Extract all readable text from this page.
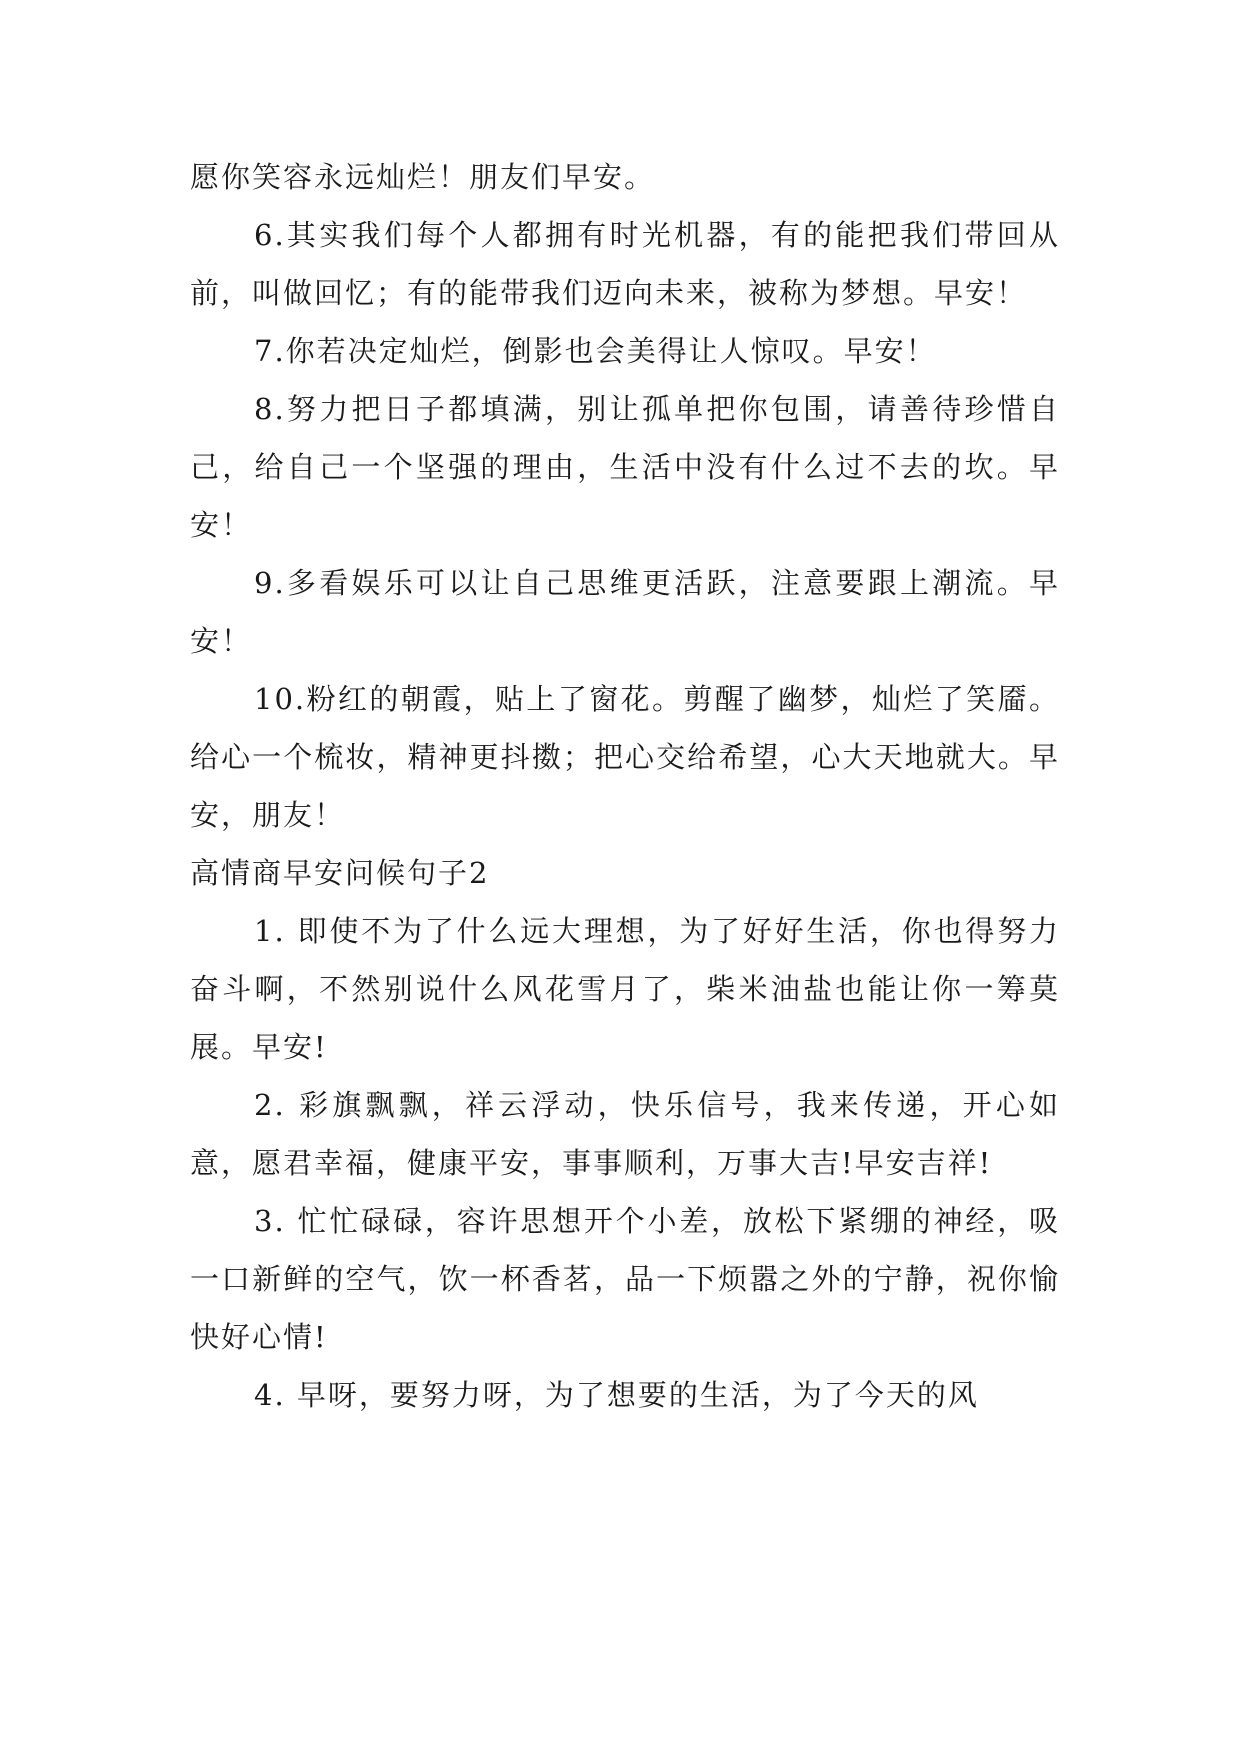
愿你笑容永远灿烂！朋友们早安。

6.其实我们每个人都拥有时光机器，有的能把我们带回从前，叫做回忆；有的能带我们迈向未来，被称为梦想。早安！

7.你若决定灿烂，倒影也会美得让人惊叹。早安！

8.努力把日子都填满，别让孤单把你包围，请善待珍惜自己，给自己一个坚强的理由，生活中没有什么过不去的坎。早安！

9.多看娱乐可以让自己思维更活跃，注意要跟上潮流。早安！

10.粉红的朝霞，贴上了窗花。剪醒了幽梦，灿烂了笑靥。给心一个梳妆，精神更抖擞；把心交给希望，心大天地就大。早安，朋友！

高情商早安问候句子2

1. 即使不为了什么远大理想，为了好好生活，你也得努力奋斗啊，不然别说什么风花雪月了，柴米油盐也能让你一筹莫展。早安!

2. 彩旗飘飘，祥云浮动，快乐信号，我来传递，开心如意，愿君幸福，健康平安，事事顺利，万事大吉!早安吉祥!

3. 忙忙碌碌，容许思想开个小差，放松下紧绷的神经，吸一口新鲜的空气，饮一杯香茗，品一下烦嚣之外的宁静，祝你愉快好心情!

4. 早呀，要努力呀，为了想要的生活，为了今天的风
